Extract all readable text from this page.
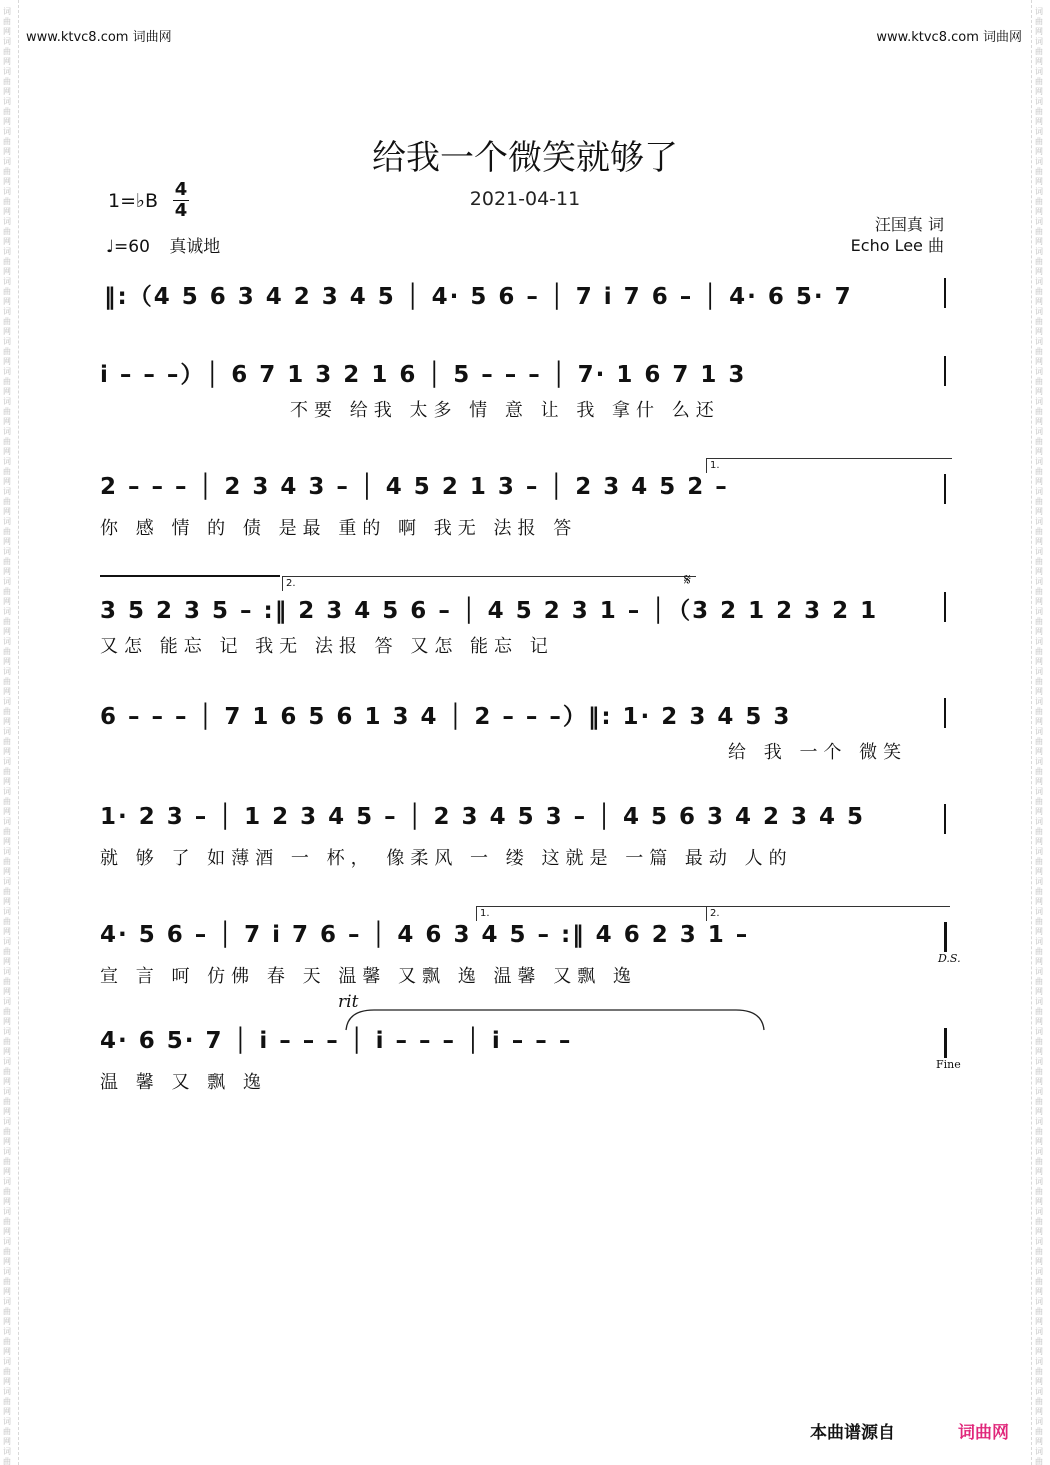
词
曲
网
词
曲
网
词
曲
网
词
曲
网
词
曲
网
词
曲
网
词
曲
网
词
曲
网
词
曲
网
词
曲
网
词
曲
网
词
曲
网
词
曲
网
词
曲
网
词
曲
网
词
曲
网
词
曲
网
词
曲
网
词
曲
网
词
曲
网
词
曲
网
词
曲
网
词
曲
网
词
曲
网
词
曲
网
词
曲
网
词
曲
网
词
曲
网
词
曲
网
词
曲
网
词
曲
网
词
曲
网
词
曲
网
词
曲
网
词
曲
网
词
曲
网
词
曲
网
词
曲
网
词
曲
网
词
曲
网
词
曲
网
词
曲
网
词
曲
网
词
曲
网
词
曲
网
词
曲
网
词
曲
网
词
曲
网
词
曲
词
曲
网
词
曲
网
词
曲
网
词
曲
网
词
曲
网
词
曲
网
词
曲
网
词
曲
网
词
曲
网
词
曲
网
词
曲
网
词
曲
网
词
曲
网
词
曲
网
词
曲
网
词
曲
网
词
曲
网
词
曲
网
词
曲
网
词
曲
网
词
曲
网
词
曲
网
词
曲
网
词
曲
网
词
曲
网
词
曲
网
词
曲
网
词
曲
网
词
曲
网
词
曲
网
词
曲
网
词
曲
网
词
曲
网
词
曲
网
词
曲
网
词
曲
网
词
曲
网
词
曲
网
词
曲
网
词
曲
网
词
曲
网
词
曲
网
词
曲
网
词
曲
网
词
曲
网
词
曲
网
词
曲
网
词
曲
网
词
曲
www.ktvc8.com 词曲网	www.ktvc8.com 词曲网
给我一个微笑就够了
2021-04-11
1=♭B
4
4
♩=60 真诚地
汪国真 词
Echo Lee 曲
‖:（4 5 6 3 4 2 3 4 5 │ 4· 5 6 – │ 7 i 7 6 – │ 4· 6 5· 7
i – – –）│ 6 7 1 3 2 1 6 │ 5 – – – │ 7· 1 6 7 1 3
不要 给我 太多 情 意 让 我 拿什 么还
1.
2 – – – │ 2 3 4 3 – │ 4 5 2 1 3 – │ 2 3 4 5 2 –
你 感 情 的 债 是最 重的 啊 我无 法报 答
2.	𝄋
3 5 2 3 5 – :‖ 2 3 4 5 6 – │ 4 5 2 3 1 – │（3 2 1 2 3 2 1
又怎 能忘 记 我无 法报 答 又怎 能忘 记
6 – – – │ 7 1 6 5 6 1 3 4 │ 2 – – –）‖: 1· 2 3 4 5 3
给 我 一个 微笑
1· 2 3 – │ 1 2 3 4 5 – │ 2 3 4 5 3 – │ 4 5 6 3 4 2 3 4 5
就 够 了 如薄酒 一 杯， 像柔风 一 缕 这就是 一篇 最动 人的
1.	2.
4· 5 6 – │ 7 i 7 6 – │ 4 6 3 4 5 – :‖ 4 6 2 3 1 –
宣 言 呵 仿佛 春 天 温馨 又飘 逸 温馨 又飘 逸
D.S.
rit
4· 6 5· 7 │ i – – – │ i – – – │ i – – –
温 馨 又 飘 逸
Fine
本曲谱源自	词曲网
